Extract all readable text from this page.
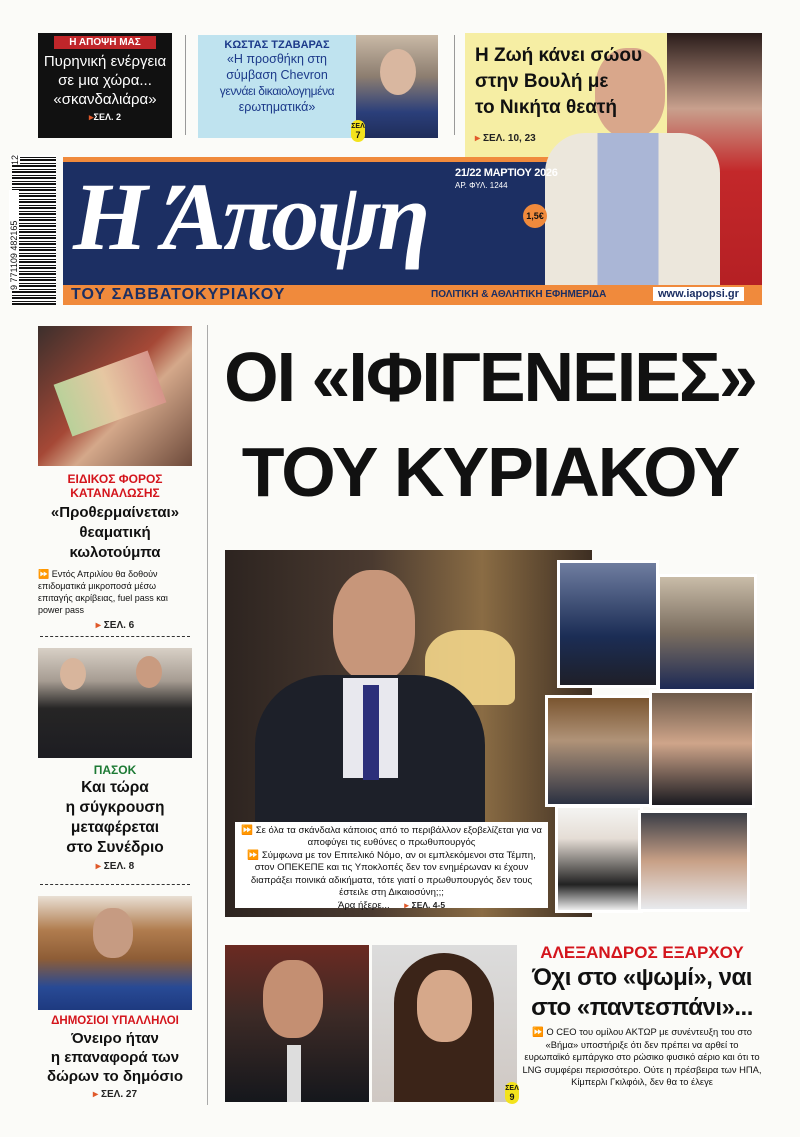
Η ΑΠΟΨΗ ΜΑΣ
Πυρηνική ενέργεια
σε μια χώρα...
«σκανδαλιάρα»
▸ΣΕΛ. 2
ΚΩΣΤΑΣ ΤΖΑΒΑΡΑΣ
«Η προσθήκη στη
σύμβαση Chevron
γεννάει δικαιολογημένα
ερωτηματικά»
ΣΕΛ
7
Η Ζωή κάνει σώου
στην Βουλή με
το Νικήτα θεατή
▸ ΣΕΛ. 10, 23
12
9 771109 482165 Η Άποψη	21/22 ΜΑΡΤΙΟΥ 2026
ΑΡ. ΦΥΛ. 1244
1,5€
ΤΟΥ ΣΑΒΒΑΤΟΚΥΡΙΑΚΟΥ	ΠΟΛΙΤΙΚΗ & ΑΘΛΗΤΙΚΗ ΕΦΗΜΕΡΙΔΑ	www.iapopsi.gr
ΕΙΔΙΚΟΣ ΦΟΡΟΣ
ΚΑΤΑΝΑΛΩΣΗΣ
«Προθερμαίνεται»
θεαματική
κωλοτούμπα
⏩ Εντός Απριλίου θα δοθούν επιδοματικά μικροποσά μέσω επιταγής ακρίβειας, fuel pass και power pass
▸ ΣΕΛ. 6
ΠΑΣΟΚ
Και τώρα
η σύγκρουση
μεταφέρεται
στο Συνέδριο
▸ ΣΕΛ. 8
ΔΗΜΟΣΙΟΙ ΥΠΑΛΛΗΛΟΙ
Όνειρο ήταν
η επαναφορά των
δώρων το δημόσιο
▸ ΣΕΛ. 27
ΟΙ «ΙΦΙΓΕΝΕΙΕΣ»
ΤΟΥ ΚΥΡΙΑΚΟΥ
⏩ Σε όλα τα σκάνδαλα κάποιος από το περιβάλλον εξοβελίζεται για να αποφύγει τις ευθύνες ο πρωθυπουργός
⏩ Σύμφωνα με τον Επιτελικό Νόμο, αν οι εμπλεκόμενοι στα Τέμπη, στον ΟΠΕΚΕΠΕ και τις Υποκλοπές δεν τον ενημέρωναν κι έχουν διαπράξει ποινικά αδικήματα, τότε γιατί ο πρωθυπουργός δεν τους έστειλε στη Δικαιοσύνη;;;
Άρα ήξερε... ▸ ΣΕΛ. 4-5
ΣΕΛ
9
ΑΛΕΞΑΝΔΡΟΣ ΕΞΑΡΧΟΥ
Όχι στο «ψωμί», ναι
στο «παντεσπάνι»...
⏩ Ο CEO του ομίλου ΑΚΤΩΡ με συνέντευξη του στο «Βήμα» υποστήριξε ότι δεν πρέπει να αρθεί το ευρωπαϊκό εμπάργκο στο ρώσικο φυσικό αέριο και ότι το LNG συμφέρει περισσότερο. Ούτε η πρέσβειρα των ΗΠΑ, Κίμπερλι Γκιλφόιλ, δεν θα το έλεγε
